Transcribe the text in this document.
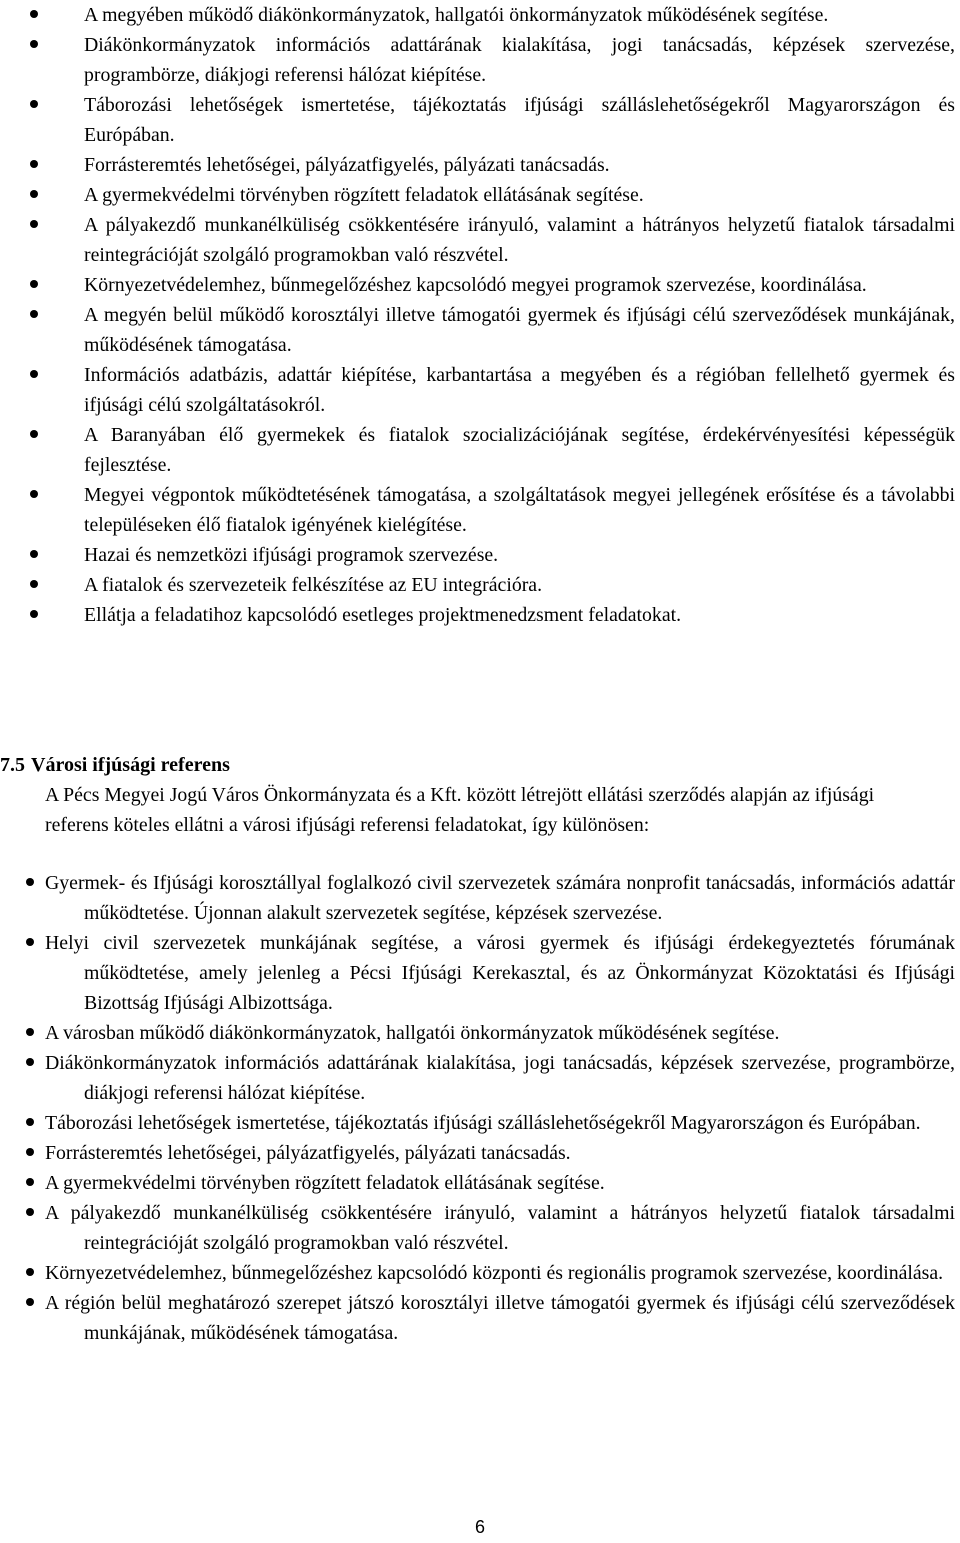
A megyében működő diákönkormányzatok, hallgatói önkormányzatok működésének segítése.
Diákönkormányzatok információs adattárának kialakítása, jogi tanácsadás, képzések szervezése, programbörze, diákjogi referensi hálózat kiépítése.
Táborozási lehetőségek ismertetése, tájékoztatás ifjúsági szálláslehetőségekről Magyarországon és Európában.
Forrásteremtés lehetőségei, pályázatfigyelés, pályázati tanácsadás.
A gyermekvédelmi törvényben rögzített feladatok ellátásának segítése.
A pályakezdő munkanélküliség csökkentésére irányuló, valamint a hátrányos helyzetű fiatalok társadalmi reintegrációját szolgáló programokban való részvétel.
Környezetvédelemhez, bűnmegelőzéshez kapcsolódó megyei programok szervezése, koordinálása.
A megyén belül működő korosztályi illetve támogatói gyermek és ifjúsági célú szerveződések munkájának, működésének támogatása.
Információs adatbázis, adattár kiépítése, karbantartása a megyében és a régióban fellelhető gyermek és ifjúsági célú szolgáltatásokról.
A Baranyában élő gyermekek és fiatalok szocializációjának segítése, érdekérvényesítési képességük fejlesztése.
Megyei végpontok működtetésének támogatása, a szolgáltatások megyei jellegének erősítése és a távolabbi településeken élő fiatalok igényének kielégítése.
Hazai és nemzetközi ifjúsági programok szervezése.
A fiatalok és szervezeteik felkészítése az EU integrációra.
Ellátja a feladatihoz kapcsolódó esetleges projektmenedzsment feladatokat.
7.5 Városi ifjúsági referens
A Pécs Megyei Jogú Város Önkormányzata és a Kft. között létrejött ellátási szerződés alapján az ifjúsági referens köteles ellátni a városi ifjúsági referensi feladatokat, így különösen:
Gyermek- és Ifjúsági korosztállyal foglalkozó civil szervezetek számára nonprofit tanácsadás, információs adattár működtetése. Újonnan alakult szervezetek segítése, képzések szervezése.
Helyi civil szervezetek munkájának segítése, a városi gyermek és ifjúsági érdekegyeztetés fórumának működtetése, amely jelenleg a Pécsi Ifjúsági Kerekasztal, és az Önkormányzat Közoktatási és Ifjúsági Bizottság Ifjúsági Albizottsága.
A városban működő diákönkormányzatok, hallgatói önkormányzatok működésének segítése.
Diákönkormányzatok információs adattárának kialakítása, jogi tanácsadás, képzések szervezése, programbörze, diákjogi referensi hálózat kiépítése.
Táborozási lehetőségek ismertetése, tájékoztatás ifjúsági szálláslehetőségekről Magyarországon és Európában.
Forrásteremtés lehetőségei, pályázatfigyelés, pályázati tanácsadás.
A gyermekvédelmi törvényben rögzített feladatok ellátásának segítése.
A pályakezdő munkanélküliség csökkentésére irányuló, valamint a hátrányos helyzetű fiatalok társadalmi reintegrációját szolgáló programokban való részvétel.
Környezetvédelemhez, bűnmegelőzéshez kapcsolódó központi és regionális programok szervezése, koordinálása.
A régión belül meghatározó szerepet játszó korosztályi illetve támogatói gyermek és ifjúsági célú szerveződések munkájának, működésének támogatása.
6
